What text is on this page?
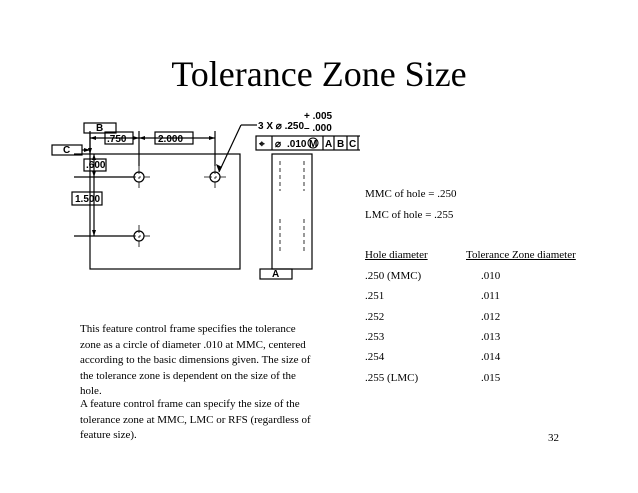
Tolerance Zone Size
B
C
A
.750	2.000
.600
1.500
3 X ⌀ .250
+ .005
– .000
⌖ ⌀ .010 M A B C
MMC of hole = .250
LMC of hole = .255
Hole diameter	Tolerance Zone diameter
.250 (MMC)	.010
.251	.011
.252	.012
.253	.013
.254	.014
.255 (LMC)	.015
This feature control frame specifies the tolerance zone as a circle of diameter .010 at MMC, centered according to the basic dimensions given. The size of the tolerance zone is dependent on the size of the hole.
A feature control frame can specify the size of the tolerance zone at MMC, LMC or RFS (regardless of feature size).	32
